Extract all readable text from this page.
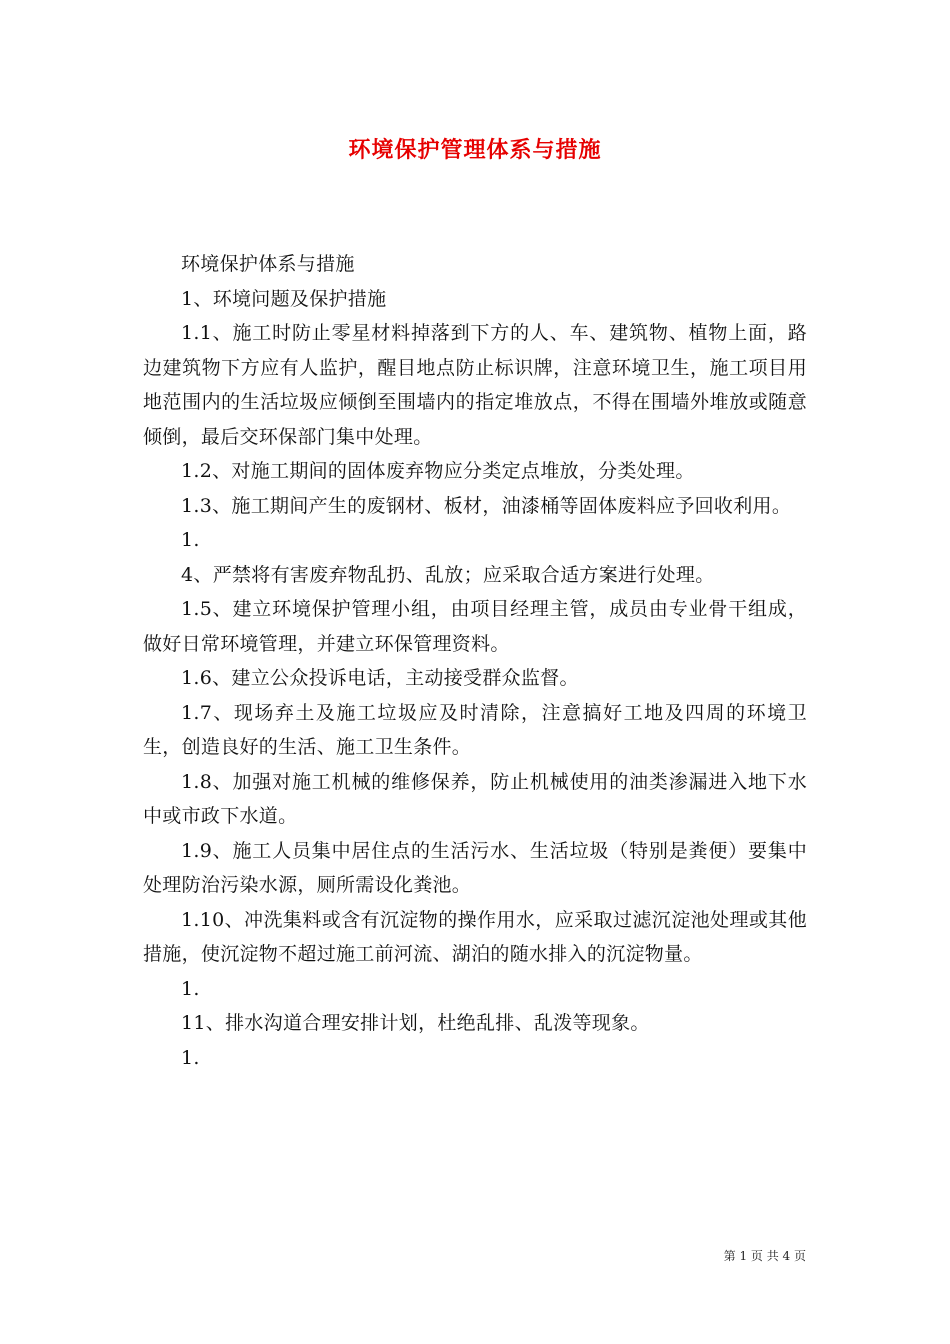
环境保护管理体系与措施

环境保护体系与措施

1、环境问题及保护措施

1.1、施工时防止零星材料掉落到下方的人、车、建筑物、植物上面，路边建筑物下方应有人监护，醒目地点防止标识牌，注意环境卫生，施工项目用地范围内的生活垃圾应倾倒至围墙内的指定堆放点，不得在围墙外堆放或随意倾倒，最后交环保部门集中处理。

1.2、对施工期间的固体废弃物应分类定点堆放，分类处理。

1.3、施工期间产生的废钢材、板材，油漆桶等固体废料应予回收利用。

1.

4、严禁将有害废弃物乱扔、乱放；应采取合适方案进行处理。

1.5、建立环境保护管理小组，由项目经理主管，成员由专业骨干组成，做好日常环境管理，并建立环保管理资料。

1.6、建立公众投诉电话，主动接受群众监督。

1.7、现场弃土及施工垃圾应及时清除，注意搞好工地及四周的环境卫生，创造良好的生活、施工卫生条件。

1.8、加强对施工机械的维修保养，防止机械使用的油类渗漏进入地下水中或市政下水道。

1.9、施工人员集中居住点的生活污水、生活垃圾（特别是粪便）要集中处理防治污染水源，厕所需设化粪池。

1.10、冲洗集料或含有沉淀物的操作用水，应采取过滤沉淀池处理或其他措施，使沉淀物不超过施工前河流、湖泊的随水排入的沉淀物量。

1.

11、排水沟道合理安排计划，杜绝乱排、乱泼等现象。

1.

第 1 页 共 4 页
